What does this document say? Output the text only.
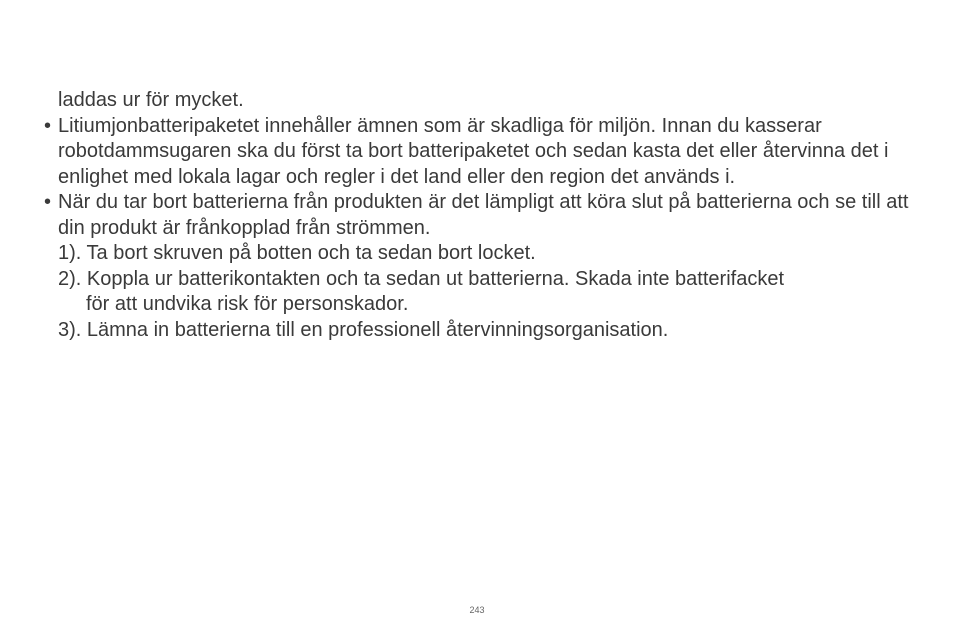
laddas ur för mycket.

• Litiumjonbatteripaketet innehåller ämnen som är skadliga för miljön. Innan du kasserar robotdammsugaren ska du först ta bort batteripaketet och sedan kasta det eller återvinna det i enlighet med lokala lagar och regler i det land eller den region det används i.
• När du tar bort batterierna från produkten är det lämpligt att köra slut på batterierna och se till att din produkt är frånkopplad från strömmen.
1). Ta bort skruven på botten och ta sedan bort locket.
2). Koppla ur batterikontakten och ta sedan ut batterierna. Skada inte batterifacket
för att undvika risk för personskador.
3). Lämna in batterierna till en professionell återvinningsorganisation.
243
